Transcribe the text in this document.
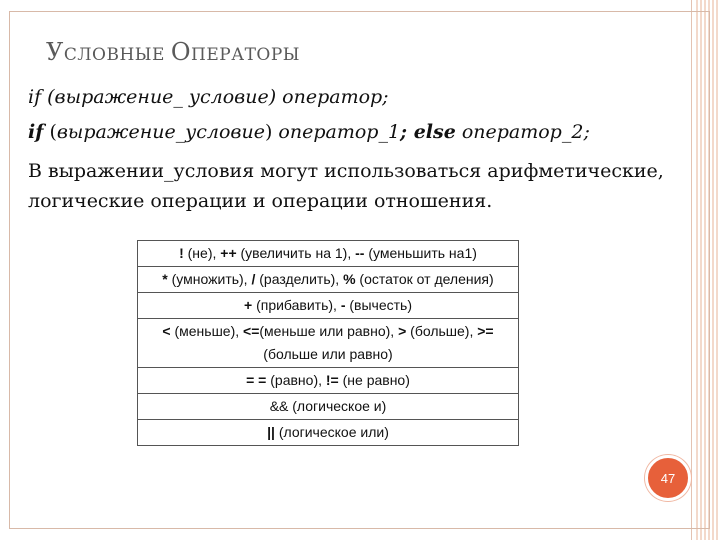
УСЛОВНЫЕ ОПЕРАТОРЫ
if (выражение_ условие) оператор;
if (выражение_условие) оператор_1; else оператор_2;
В выражении_условия могут использоваться арифметические, логические операции и операции отношения.
! (не), ++ (увеличить на 1), -- (уменьшить на1)
* (умножить), / (разделить), % (остаток от деления)
+ (прибавить), - (вычесть)
< (меньше), <=(меньше или равно), > (больше), >= (больше или равно)
= = (равно), != (не равно)
&& (логическое и)
|| (логическое или)
47
